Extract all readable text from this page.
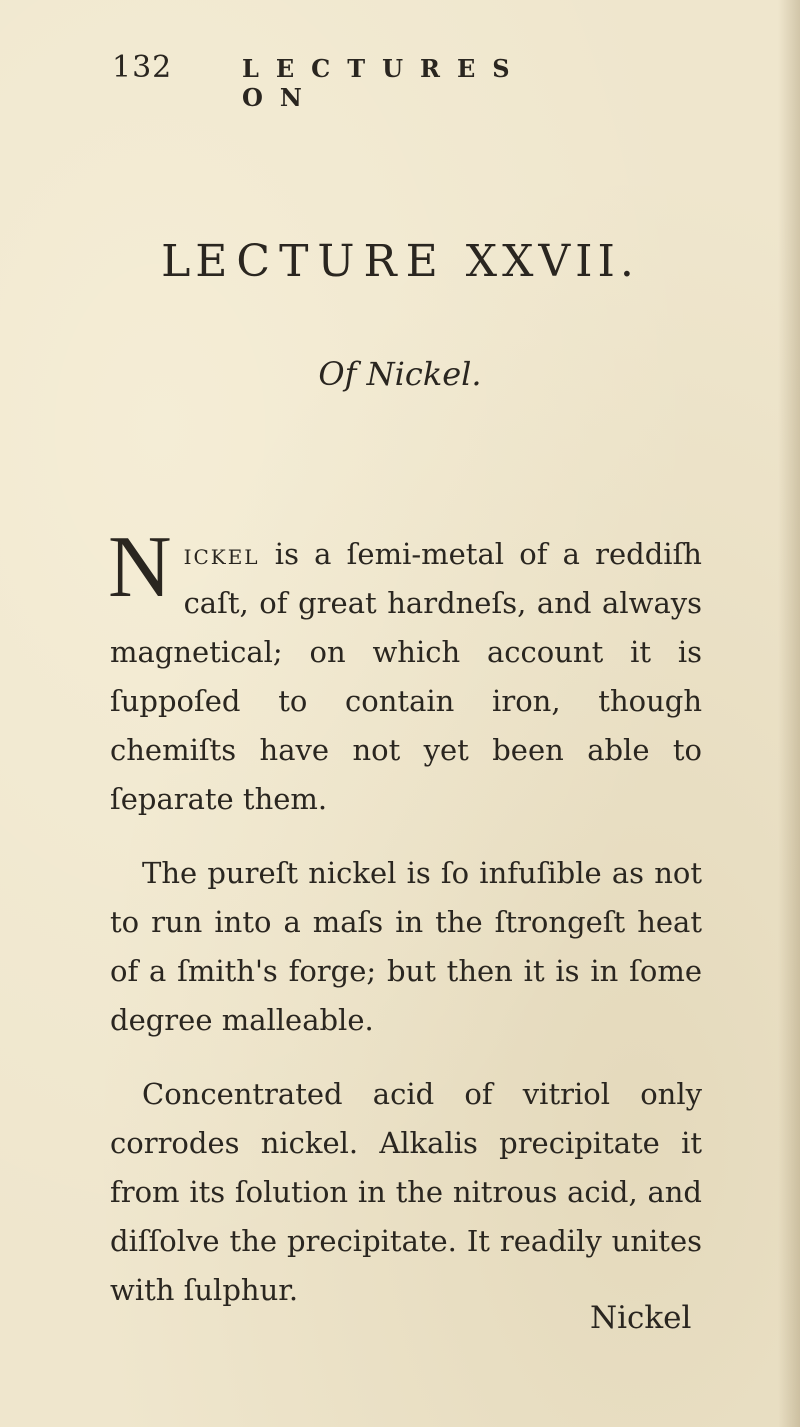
132	LECTURES ON
LECTURE XXVII.
Of Nickel.

Nickel is a ſemi-metal of a reddiſh caſt, of great hardneſs, and always magnetical; on which account it is ſuppoſed to contain iron, though chemiſts have not yet been able to ſeparate them.

The pureſt nickel is ſo infuſible as not to run into a maſs in the ſtrongeſt heat of a ſmith's forge; but then it is in ſome degree malleable.

Concentrated acid of vitriol only corrodes nickel. Alkalis precipitate it from its ſolution in the nitrous acid, and diſſolve the precipitate. It readily unites with ſulphur.

Nickel
